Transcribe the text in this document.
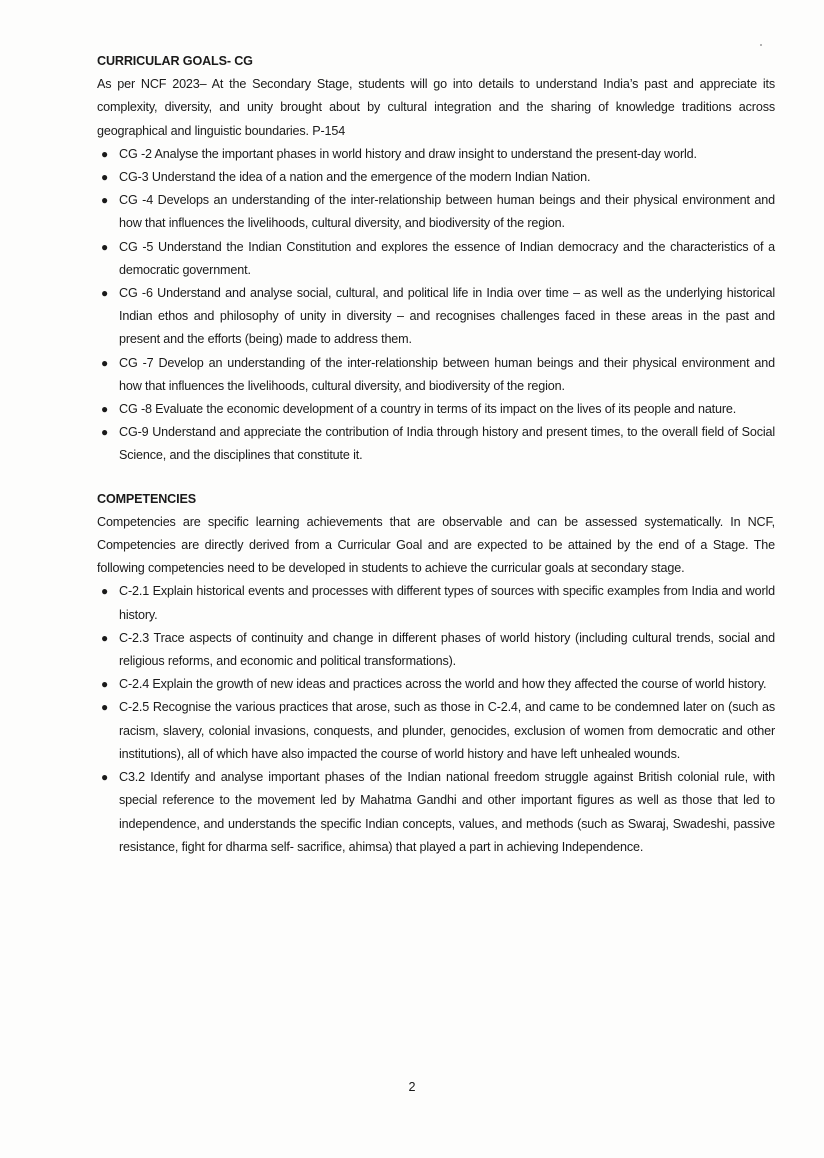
CURRICULAR GOALS- CG

As per NCF 2023– At the Secondary Stage, students will go into details to understand India’s past and appreciate its complexity, diversity, and unity brought about by cultural integration and the sharing of knowledge traditions across geographical and linguistic boundaries. P-154

● CG -2 Analyse the important phases in world history and draw insight to understand the present-day world.
● CG-3 Understand the idea of a nation and the emergence of the modern Indian Nation.
● CG -4 Develops an understanding of the inter-relationship between human beings and their physical environment and how that influences the livelihoods, cultural diversity, and biodiversity of the region.
● CG -5 Understand the Indian Constitution and explores the essence of Indian democracy and the characteristics of a democratic government.
● CG -6 Understand and analyse social, cultural, and political life in India over time – as well as the underlying historical Indian ethos and philosophy of unity in diversity – and recognises challenges faced in these areas in the past and present and the efforts (being) made to address them.
● CG -7 Develop an understanding of the inter-relationship between human beings and their physical environment and how that influences the livelihoods, cultural diversity, and biodiversity of the region.
● CG -8 Evaluate the economic development of a country in terms of its impact on the lives of its people and nature.
● CG-9 Understand and appreciate the contribution of India through history and present times, to the overall field of Social Science, and the disciplines that constitute it.

COMPETENCIES

Competencies are specific learning achievements that are observable and can be assessed systematically. In NCF, Competencies are directly derived from a Curricular Goal and are expected to be attained by the end of a Stage. The following competencies need to be developed in students to achieve the curricular goals at secondary stage.

● C-2.1 Explain historical events and processes with different types of sources with specific examples from India and world history.
● C-2.3 Trace aspects of continuity and change in different phases of world history (including cultural trends, social and religious reforms, and economic and political transformations).
● C-2.4 Explain the growth of new ideas and practices across the world and how they affected the course of world history.
● C-2.5 Recognise the various practices that arose, such as those in C-2.4, and came to be condemned later on (such as racism, slavery, colonial invasions, conquests, and plunder, genocides, exclusion of women from democratic and other institutions), all of which have also impacted the course of world history and have left unhealed wounds.
● C3.2 Identify and analyse important phases of the Indian national freedom struggle against British colonial rule, with special reference to the movement led by Mahatma Gandhi and other important figures as well as those that led to independence, and understands the specific Indian concepts, values, and methods (such as Swaraj, Swadeshi, passive resistance, fight for dharma self- sacrifice, ahimsa) that played a part in achieving Independence.
2
